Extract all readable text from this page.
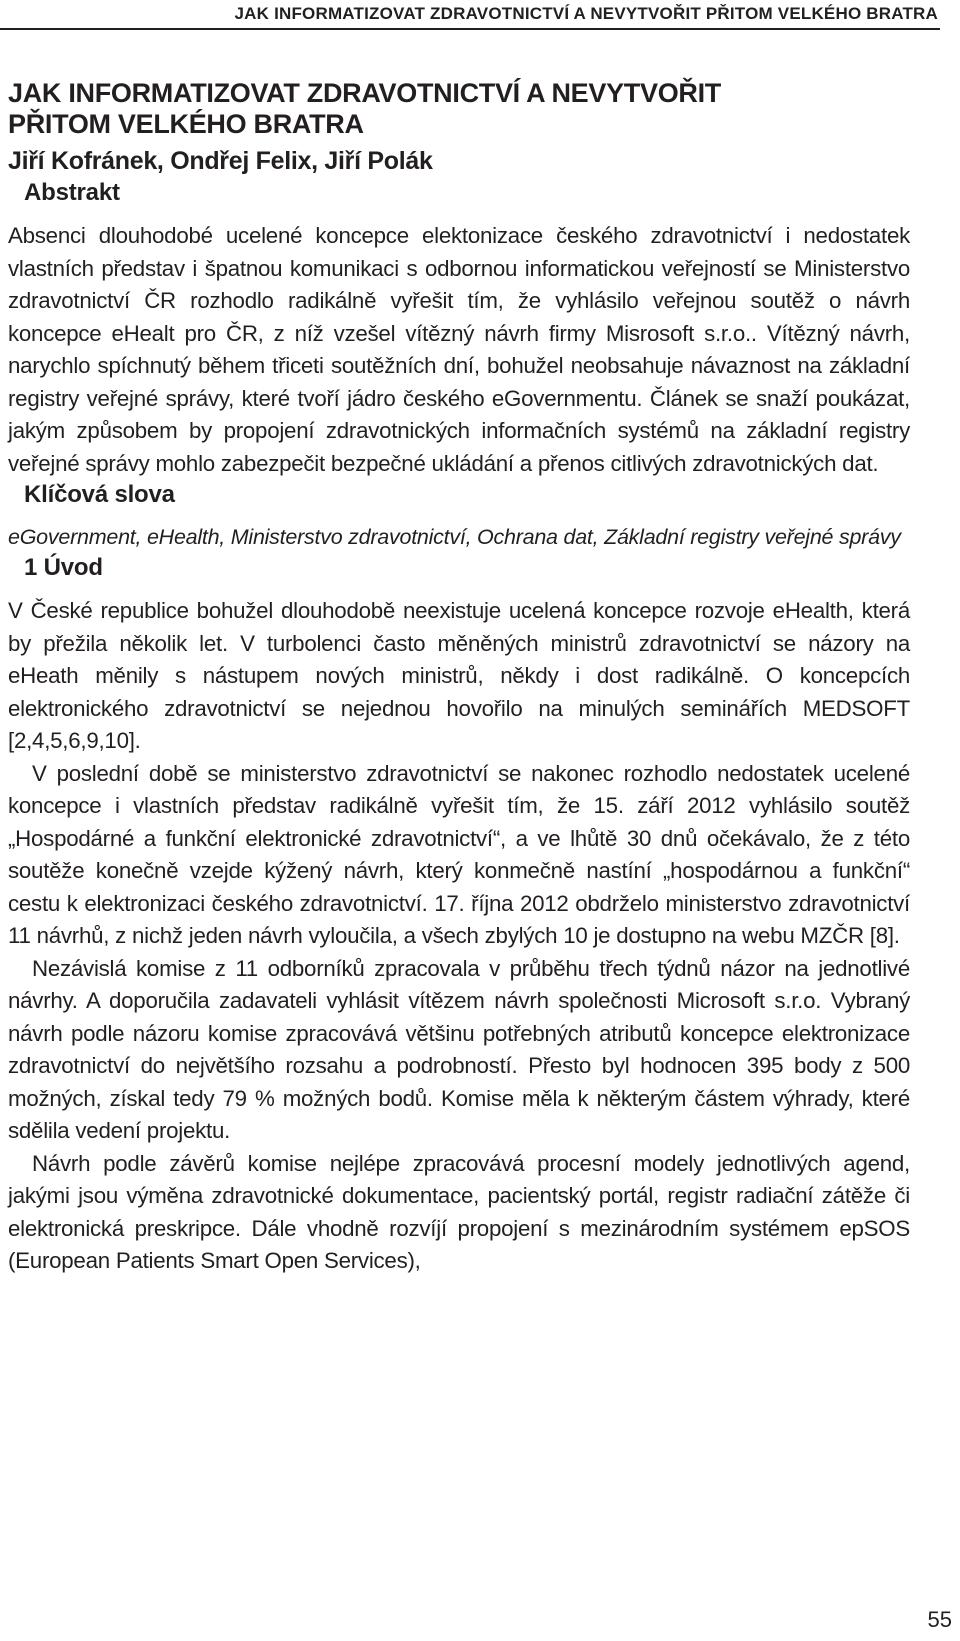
JAK INFORMATIZOVAT ZDRAVOTNICTVÍ A NEVYTVOŘIT PŘITOM VELKÉHO BRATRA
JAK INFORMATIZOVAT ZDRAVOTNICTVÍ A NEVYTVOŘIT
PŘITOM VELKÉHO BRATRA
Jiří Kofránek, Ondřej Felix, Jiří Polák
Abstrakt

Absenci dlouhodobé ucelené koncepce elektonizace českého zdravotnictví i nedostatek vlastních představ i špatnou komunikaci s odbornou informatickou veřejností se Ministerstvo zdravotnictví ČR rozhodlo radikálně vyřešit tím, že vyhlásilo veřejnou soutěž o návrh koncepce eHealt pro ČR, z níž vzešel vítězný návrh firmy Misrosoft s.r.o.. Vítězný návrh, narychlo spíchnutý během třiceti soutěžních dní, bohužel neobsahuje návaznost na základní registry veřejné správy, které tvoří jádro českého eGovernmentu. Článek se snaží poukázat, jakým způsobem by propojení zdravotnických informačních systémů na základní registry veřejné správy mohlo zabezpečit bezpečné ukládání a přenos citlivých zdravotnických dat.

Klíčová slova

eGovernment, eHealth, Ministerstvo zdravotnictví, Ochrana dat, Základní registry veřejné správy

1 Úvod

V České republice bohužel dlouhodobě neexistuje ucelená koncepce rozvoje eHealth, která by přežila několik let. V turbolenci často měněných ministrů zdravotnictví se názory na eHeath měnily s nástupem nových ministrů, někdy i dost radikálně. O koncepcích elektronického zdravotnictví se nejednou hovořilo na minulých seminářích MEDSOFT [2,4,5,6,9,10].

V poslední době se ministerstvo zdravotnictví se nakonec rozhodlo nedostatek ucelené koncepce i vlastních představ radikálně vyřešit tím, že 15. září 2012 vyhlásilo soutěž „Hospodárné a funkční elektronické zdravotnictví“, a ve lhůtě 30 dnů očekávalo, že z této soutěže konečně vzejde kýžený návrh, který konmečně nastíní „hospodárnou a funkční“ cestu k elektronizaci českého zdravotnictví. 17. října 2012 obdrželo ministerstvo zdravotnictví 11 návrhů, z nichž jeden návrh vyloučila, a všech zbylých 10 je dostupno na webu MZČR [8].

Nezávislá komise z 11 odborníků zpracovala v průběhu třech týdnů názor na jednotlivé návrhy. A doporučila zadavateli vyhlásit vítězem návrh společnosti Microsoft s.r.o. Vybraný návrh podle názoru komise zpracovává většinu potřebných atributů koncepce elektronizace zdravotnictví do největšího rozsahu a podrobností. Přesto byl hodnocen 395 body z 500 možných, získal tedy 79 % možných bodů. Komise měla k některým částem výhrady, které sdělila vedení projektu.

Návrh podle závěrů komise nejlépe zpracovává procesní modely jednotlivých agend, jakými jsou výměna zdravotnické dokumentace, pacientský portál, registr radiační zátěže či elektronická preskripce. Dále vhodně rozvíjí propojení s mezinárodním systémem epSOS (European Patients Smart Open Services),

55
